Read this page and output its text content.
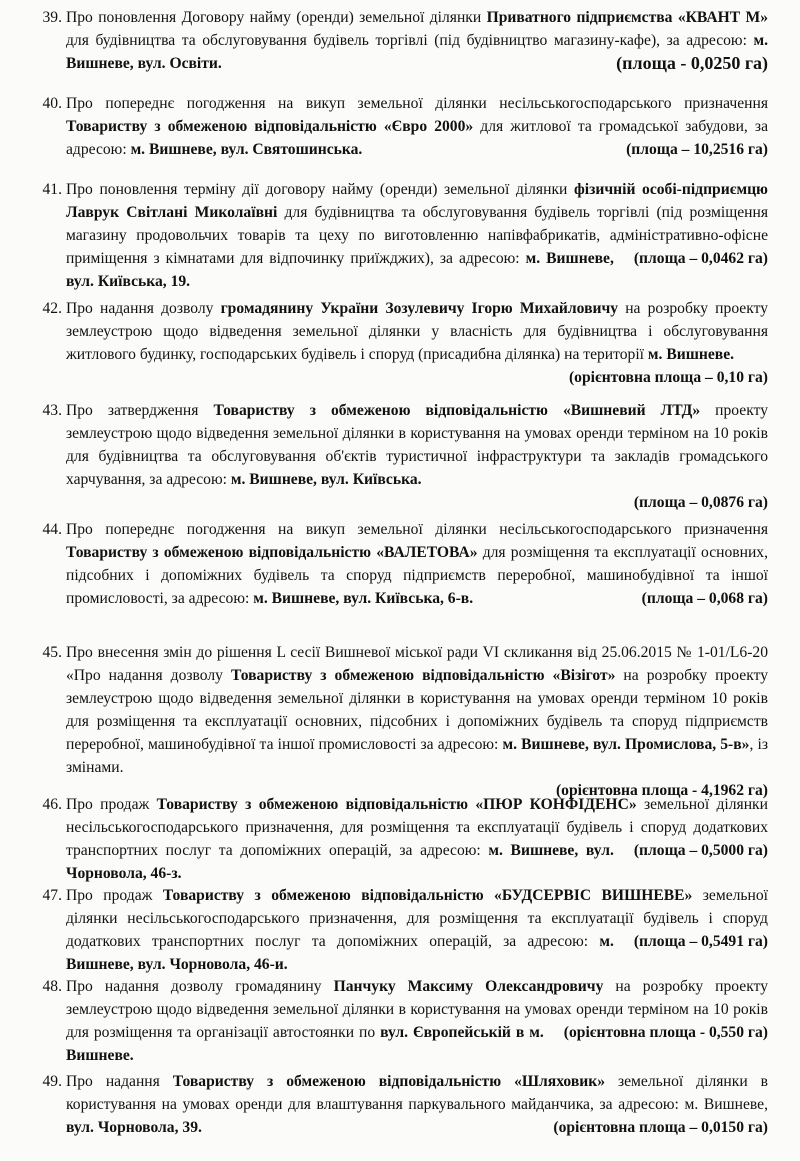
39. Про поновлення Договору найму (оренди) земельної ділянки Приватного підприємства «КВАНТ М» для будівництва та обслуговування будівель торгівлі (під будівництво магазину-кафе), за адресою:
(площа - 0,0250 га)
м. Вишневе, вул. Освіти.
40. Про попереднє погодження на викуп земельної ділянки несільськогосподарського призначення Товариству з обмеженою відповідальністю «Євро 2000» для житлової та громадської забудови, за адресою:	(площа – 10,2516 га)
м. Вишневе, вул. Святошинська.
41. Про поновлення терміну дії договору найму (оренди) земельної ділянки фізичній особі-підприємцю Лаврук Світлані Миколаївні для будівництва та обслуговування будівель торгівлі (під розміщення магазину продовольчих товарів та цеху по виготовленню напівфабрикатів, адміністративно-офісне приміщення з кімнатами для відпочинку приїжджих), за адресою:	(площа – 0,0462 га)
м. Вишневе, вул. Київська, 19.
42. Про надання дозволу громадянину України Зозулевичу Ігорю Михайловичу на розробку проекту землеустрою щодо відведення земельної ділянки у власність для будівництва і обслуговування житлового будинку, господарських будівель і споруд (присадибна ділянка) на території
(орієнтовна площа – 0,10 га)
м. Вишневе.
43. Про затвердження Товариству з обмеженою відповідальністю «Вишневий ЛТД» проекту землеустрою щодо відведення земельної ділянки в користування на умовах оренди терміном на 10 років для будівництва та обслуговування об'єктів туристичної інфраструктури та закладів громадського харчування, за адресою: м. Вишневе, вул. Київська.
(площа – 0,0876 га)
44. Про попереднє погодження на викуп земельної ділянки несільськогосподарського призначення Товариству з обмеженою відповідальністю «ВАЛЕТОВА» для розміщення та експлуатації основних, підсобних і допоміжних будівель та споруд підприємств переробної, машинобудівної та іншої промисловості, за адресою:	(площа – 0,068 га)
м. Вишневе, вул. Київська, 6-в.
45. Про внесення змін до рішення L сесії Вишневої міської ради VI скликання від 25.06.2015 № 1-01/L6-20 «Про надання дозволу Товариству з обмеженою відповідальністю «Візігот» на розробку проекту землеустрою щодо відведення земельної ділянки в користування на умовах оренди терміном 10 років для розміщення та експлуатації основних, підсобних і допоміжних будівель та споруд підприємств переробної, машинобудівної та іншої промисловості за адресою: м. Вишневе, вул. Промислова, 5-в», із змінами.
(орієнтовна площа - 4,1962 га)
46. Про продаж Товариству з обмеженою відповідальністю «ПЮР КОНФІДЕНС» земельної ділянки несільськогосподарського призначення, для розміщення та експлуатації будівель і споруд додаткових транспортних послуг та допоміжних операцій, за адресою:	(площа – 0,5000 га)
м. Вишневе, вул. Чорновола, 46-з.
47. Про продаж Товариству з обмеженою відповідальністю «БУДСЕРВІС ВИШНЕВЕ» земельної ділянки несільськогосподарського призначення, для розміщення та експлуатації будівель і споруд додаткових транспортних послуг та допоміжних операцій, за адресою: (площа – 0,5491 га)
м. Вишневе, вул. Чорновола, 46-и.
48. Про надання дозволу громадянину Панчуку Максиму Олександровичу на розробку проекту землеустрою щодо відведення земельної ділянки в користування на умовах оренди терміном на 10 років для розміщення та організації автостоянки по	(орієнтовна площа - 0,550 га)
вул. Європейській в м. Вишневе.
49. Про надання Товариству з обмеженою відповідальністю «Шляховик» земельної ділянки в користування на умовах оренди для влаштування паркувального майданчика, за адресою: м. Вишневе,
(орієнтовна площа – 0,0150 га)
вул. Чорновола, 39.
